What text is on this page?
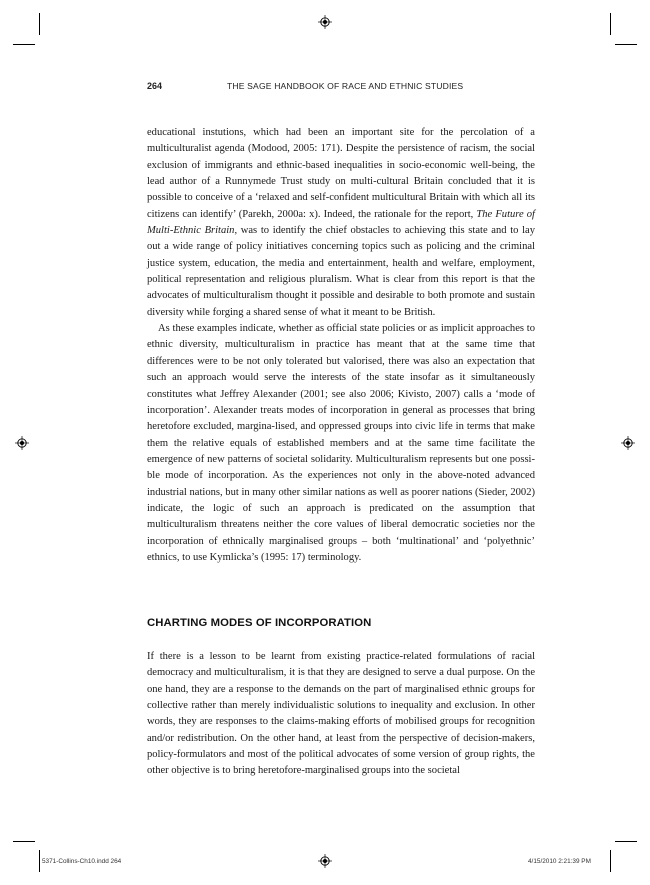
264	THE SAGE HANDBOOK OF RACE AND ETHNIC STUDIES

educational instutions, which had been an important site for the percolation of a multiculturalist agenda (Modood, 2005: 171). Despite the persistence of racism, the social exclusion of immigrants and ethnic-based inequalities in socio-economic well-being, the lead author of a Runnymede Trust study on multi-cultural Britain concluded that it is possible to conceive of a ‘relaxed and self-confident multicultural Britain with which all its citizens can identify’ (Parekh, 2000a: x). Indeed, the rationale for the report, The Future of Multi-Ethnic Britain, was to identify the chief obstacles to achieving this state and to lay out a wide range of policy initiatives concerning topics such as policing and the criminal justice system, education, the media and entertainment, health and welfare, employment, political representation and religious pluralism. What is clear from this report is that the advocates of multiculturalism thought it possible and desirable to both promote and sustain diversity while forging a shared sense of what it meant to be British.

As these examples indicate, whether as official state policies or as implicit approaches to ethnic diversity, multiculturalism in practice has meant that at the same time that differences were to be not only tolerated but valorised, there was also an expectation that such an approach would serve the interests of the state insofar as it simultaneously constitutes what Jeffrey Alexander (2001; see also 2006; Kivisto, 2007) calls a ‘mode of incorporation’. Alexander treats modes of incorporation in general as processes that bring heretofore excluded, margina-lised, and oppressed groups into civic life in terms that make them the relative equals of established members and at the same time facilitate the emergence of new patterns of societal solidarity. Multiculturalism represents but one possi-ble mode of incorporation. As the experiences not only in the above-noted advanced industrial nations, but in many other similar nations as well as poorer nations (Sieder, 2002) indicate, the logic of such an approach is predicated on the assumption that multiculturalism threatens neither the core values of liberal democratic societies nor the incorporation of ethnically marginalised groups – both ‘multinational’ and ‘polyethnic’ ethnics, to use Kymlicka’s (1995: 17) terminology.

CHARTING MODES OF INCORPORATION

If there is a lesson to be learnt from existing practice-related formulations of racial democracy and multiculturalism, it is that they are designed to serve a dual purpose. On the one hand, they are a response to the demands on the part of marginalised ethnic groups for collective rather than merely individualistic solutions to inequality and exclusion. In other words, they are responses to the claims-making efforts of mobilised groups for recognition and/or redistribution. On the other hand, at least from the perspective of decision-makers, policy-formulators and most of the political advocates of some version of group rights, the other objective is to bring heretofore-marginalised groups into the societal

5371-Collins-Ch10.indd 264	4/15/2010 2:21:39 PM
